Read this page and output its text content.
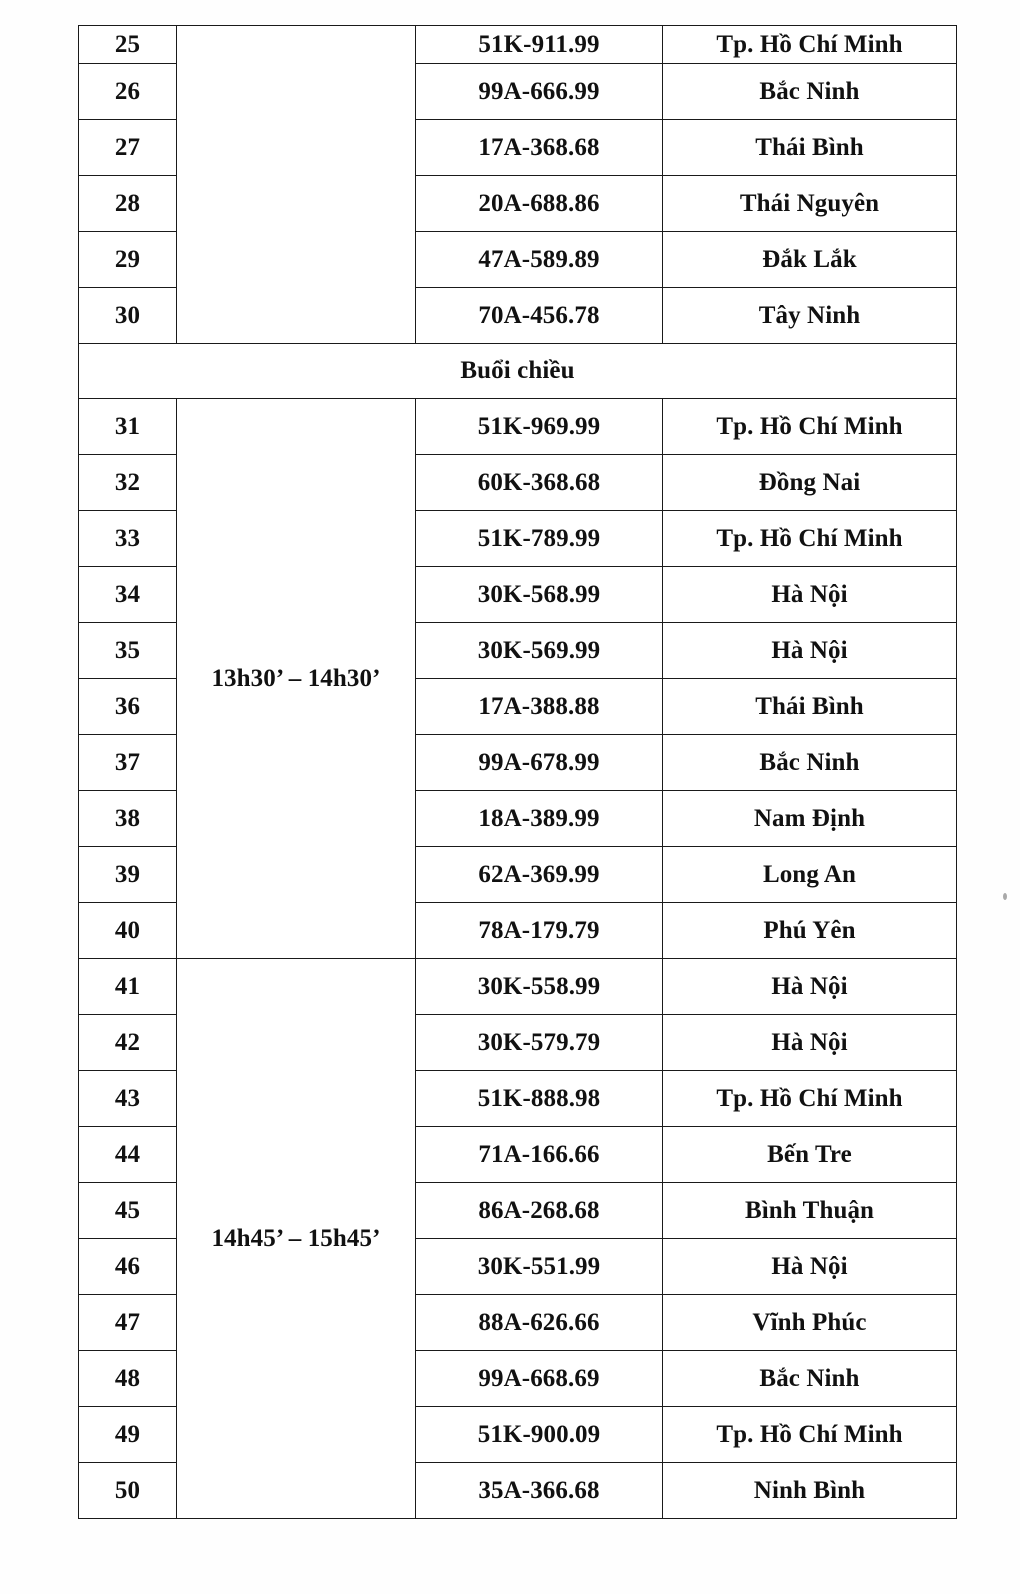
25		51K-911.99	Tp. Hồ Chí Minh
26		99A-666.99	Bắc Ninh
27		17A-368.68	Thái Bình
28		20A-688.86	Thái Nguyên
29		47A-589.89	Đắk Lắk
30		70A-456.78	Tây Ninh
Buổi chiều			
31	13h30’ – 14h30’	51K-969.99	Tp. Hồ Chí Minh
32		60K-368.68	Đồng Nai
33		51K-789.99	Tp. Hồ Chí Minh
34		30K-568.99	Hà Nội
35		30K-569.99	Hà Nội
36		17A-388.88	Thái Bình
37		99A-678.99	Bắc Ninh
38		18A-389.99	Nam Định
39		62A-369.99	Long An
40		78A-179.79	Phú Yên
41	14h45’ – 15h45’	30K-558.99	Hà Nội
42		30K-579.79	Hà Nội
43		51K-888.98	Tp. Hồ Chí Minh
44		71A-166.66	Bến Tre
45		86A-268.68	Bình Thuận
46		30K-551.99	Hà Nội
47		88A-626.66	Vĩnh Phúc
48		99A-668.69	Bắc Ninh
49		51K-900.09	Tp. Hồ Chí Minh
50		35A-366.68	Ninh Bình
